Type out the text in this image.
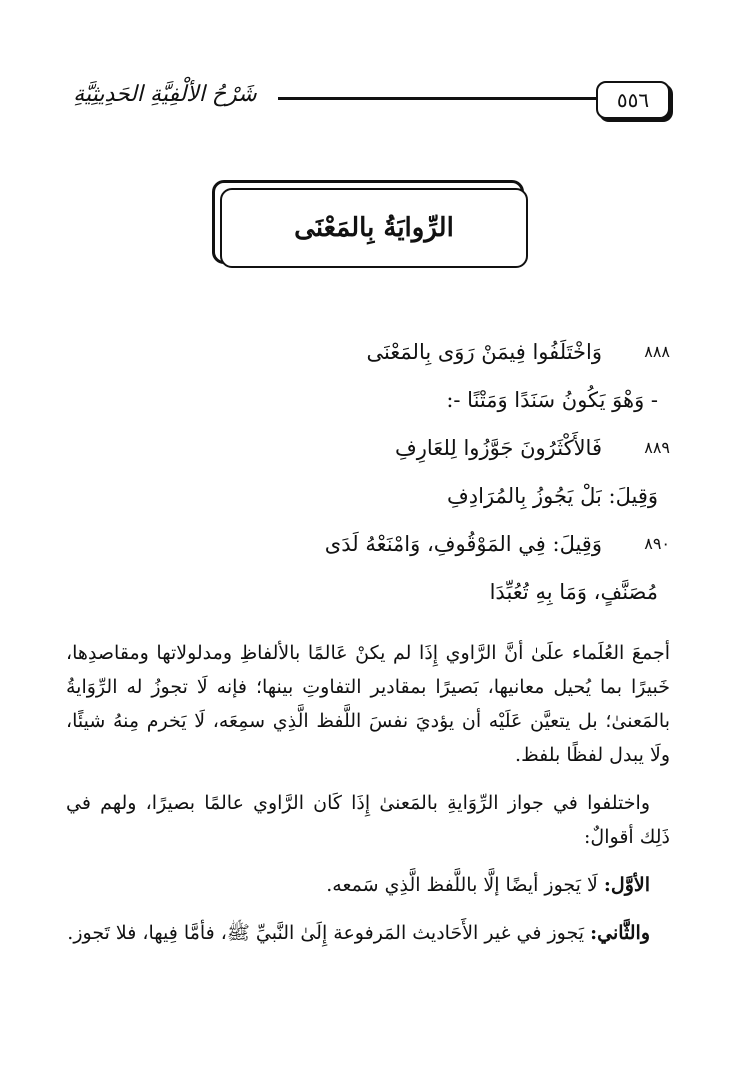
شَرْحُ الألْفِيَّةِ الحَدِيثِيَّةِ	٥٥٦
الرِّوايَةُ بِالمَعْنَى
٨٨٨
وَاخْتَلَفُوا فِيمَنْ رَوَى بِالمَعْنَى
- وَهْوَ يَكُونُ سَنَدًا وَمَتْنًا -:
٨٨٩
فَالأَكْثَرُونَ جَوَّزُوا لِلعَارِفِ
وَقِيلَ: بَلْ يَجُوزُ بِالمُرَادِفِ
٨٩٠
وَقِيلَ: فِي المَوْقُوفِ، وَامْنَعْهُ لَدَى
مُصَنَّفٍ، وَمَا بِهِ تُعُبِّدَا

أجمعَ العُلَماء علَىٰ أنَّ الرَّاوي إِذَا لم يكنْ عَالمًا بالألفاظِ ومدلولاتها ومقاصدِها، خَبيرًا بما يُحيل معانيها، بَصيرًا بمقادير التفاوتِ بينها؛ فإنه لَا تجوزُ له الرِّوَايةُ بالمَعنىٰ؛ بل يتعيَّن عَلَيْه أن يؤديَ نفسَ اللَّفظ الَّذِي سمِعَه، لَا يَخرم مِنهُ شيئًا، ولَا يبدل لفظًا بلفظ.

واختلفوا في جواز الرِّوَايةِ بالمَعنىٰ إِذَا كَان الرَّاوي عالمًا بصيرًا، ولهم في ذَلِك أقوالٌ:

الأوَّل: لَا يَجوز أيضًا إلَّا باللَّفظ الَّذِي سَمعه.

والثَّاني: يَجوز في غير الأَحَاديث المَرفوعة إِلَىٰ النَّبيِّ ﷺ، فأمَّا فِيها، فلا تَجوز.
